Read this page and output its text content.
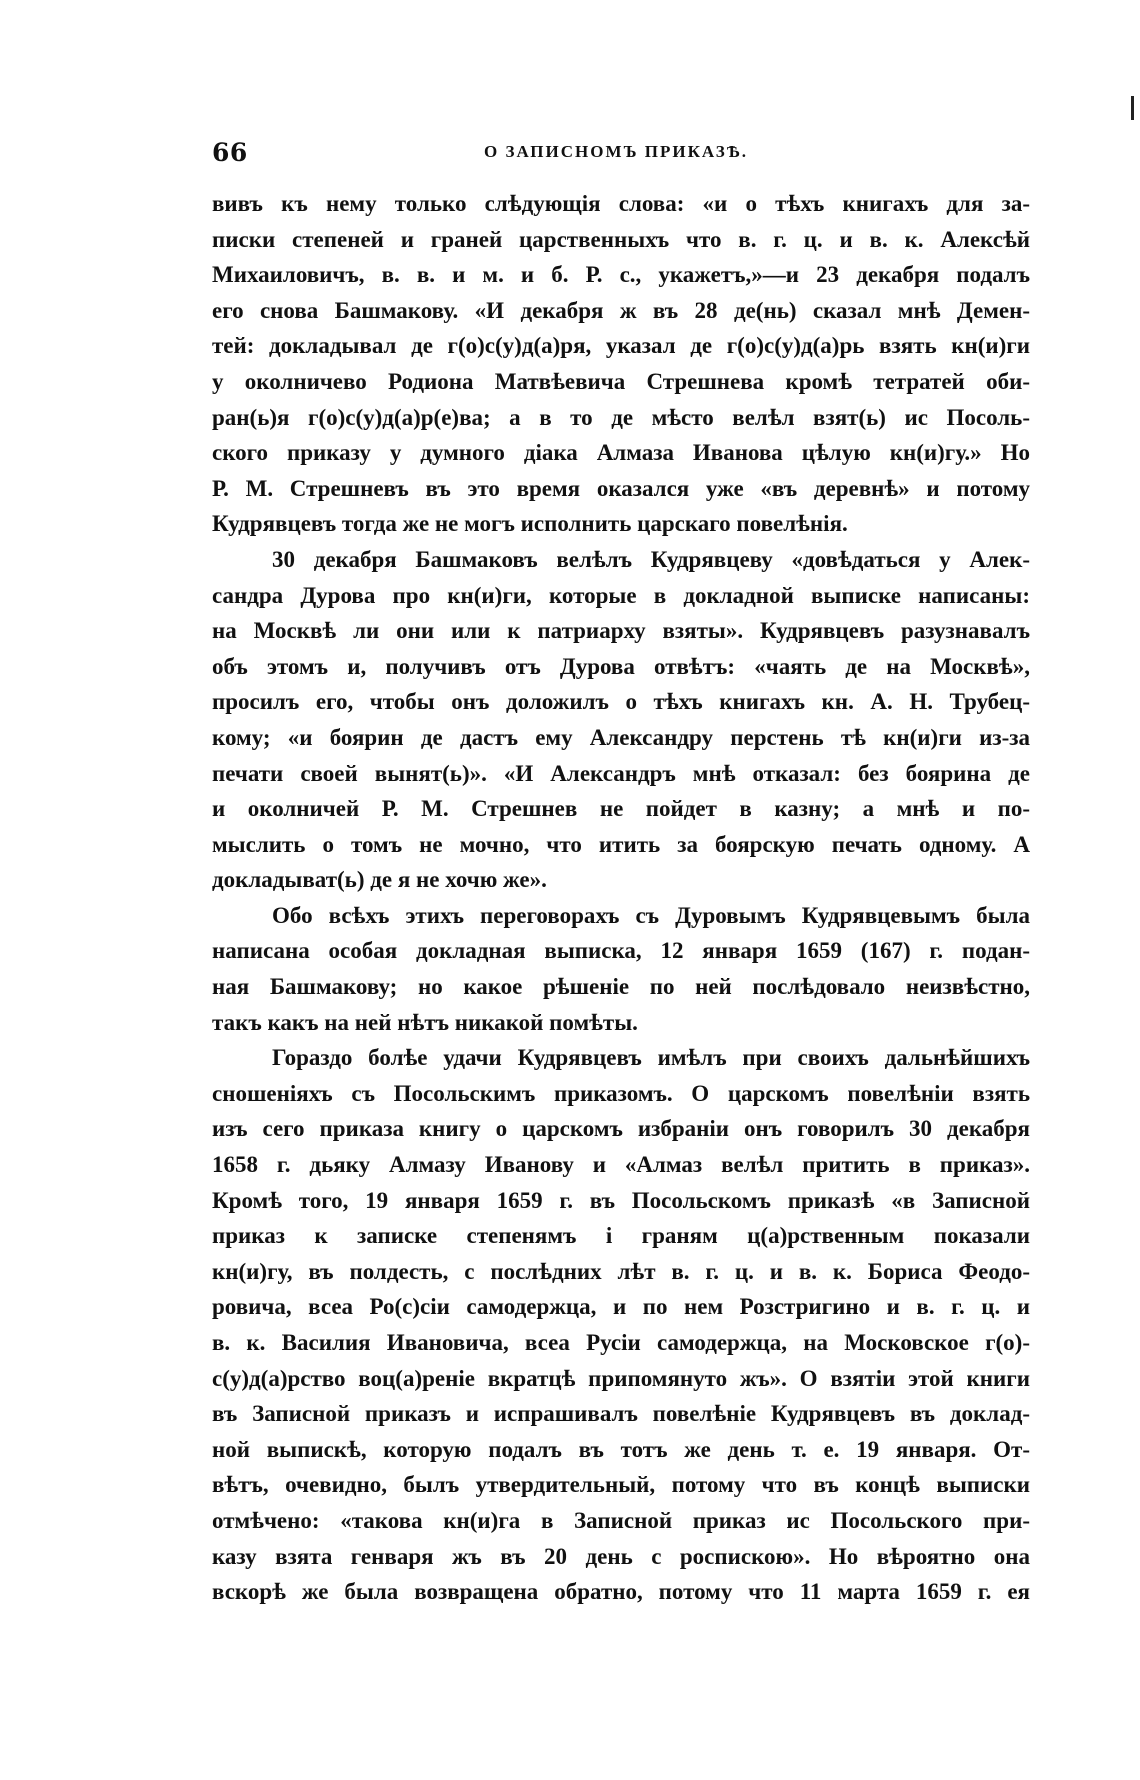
66	О ЗАПИСНОМЪ ПРИКАЗѢ.
вивъ къ нему только слѣдующія слова: «и о тѣхъ книгахъ для за-
писки степеней и граней царственныхъ что в. г. ц. и в. к. Алексѣй
Михаиловичъ, в. в. и м. и б. Р. с., укажетъ,»—и 23 декабря подалъ
его снова Башмакову. «И декабря ж въ 28 де(нь) сказал мнѣ Демен-
тей: докладывал де г(о)с(у)д(а)ря, указал де г(о)с(у)д(а)рь взять кн(и)ги
у околничево Родиона Матвѣевича Стрешнева кромѣ тетратей оби-
ран(ь)я г(о)с(у)д(а)р(е)ва; а в то де мѣсто велѣл взят(ь) ис Посоль-
ского приказу у думного діака Алмаза Иванова цѣлую кн(и)гу.» Но
Р. М. Стрешневъ въ это время оказался уже «въ деревнѣ» и потому
Кудрявцевъ тогда же не могъ исполнить царскаго повелѣнія.
30 декабря Башмаковъ велѣлъ Кудрявцеву «довѣдаться у Алек-
сандра Дурова про кн(и)ги, которые в докладной выписке написаны:
на Москвѣ ли они или к патриарху взяты». Кудрявцевъ разузнавалъ
объ этомъ и, получивъ отъ Дурова отвѣтъ: «чаять де на Москвѣ»,
просилъ его, чтобы онъ доложилъ о тѣхъ книгахъ кн. А. Н. Трубец-
кому; «и боярин де дастъ ему Александру перстень тѣ кн(и)ги из-за
печати своей вынят(ь)». «И Александръ мнѣ отказал: без боярина де
и околничей Р. М. Стрешнев не пойдет в казну; а мнѣ и по-
мыслить о томъ не мочно, что итить за боярскую печать одному. А
докладыват(ь) де я не хочю же».
Обо всѣхъ этихъ переговорахъ съ Дуровымъ Кудрявцевымъ была
написана особая докладная выписка, 12 января 1659 (167) г. подан-
ная Башмакову; но какое рѣшеніе по ней послѣдовало неизвѣстно,
такъ какъ на ней нѣтъ никакой помѣты.
Гораздо болѣе удачи Кудрявцевъ имѣлъ при своихъ дальнѣйшихъ
сношеніяхъ съ Посольскимъ приказомъ. О царскомъ повелѣніи взять
изъ сего приказа книгу о царскомъ избраніи онъ говорилъ 30 декабря
1658 г. дьяку Алмазу Иванову и «Алмаз велѣл притить в приказ».
Кромѣ того, 19 января 1659 г. въ Посольскомъ приказѣ «в Записной
приказ к записке степенямъ і граням ц(а)рственным показали
кн(и)гу, въ полдесть, с послѣдних лѣт в. г. ц. и в. к. Бориса Феодо-
ровича, всеа Ро(с)сіи самодержца, и по нем Розстригино и в. г. ц. и
в. к. Василия Ивановича, всеа Русіи самодержца, на Московское г(о)-
с(у)д(а)рство воц(а)реніе вкратцѣ припомянуто жъ». О взятіи этой книги
въ Записной приказъ и испрашивалъ повелѣніе Кудрявцевъ въ доклад-
ной выпискѣ, которую подалъ въ тотъ же день т. е. 19 января. От-
вѣтъ, очевидно, былъ утвердительный, потому что въ концѣ выписки
отмѣчено: «такова кн(и)га в Записной приказ ис Посольского при-
казу взята генваря жъ въ 20 день с роспискою». Но вѣроятно она
вскорѣ же была возвращена обратно, потому что 11 марта 1659 г. ея
